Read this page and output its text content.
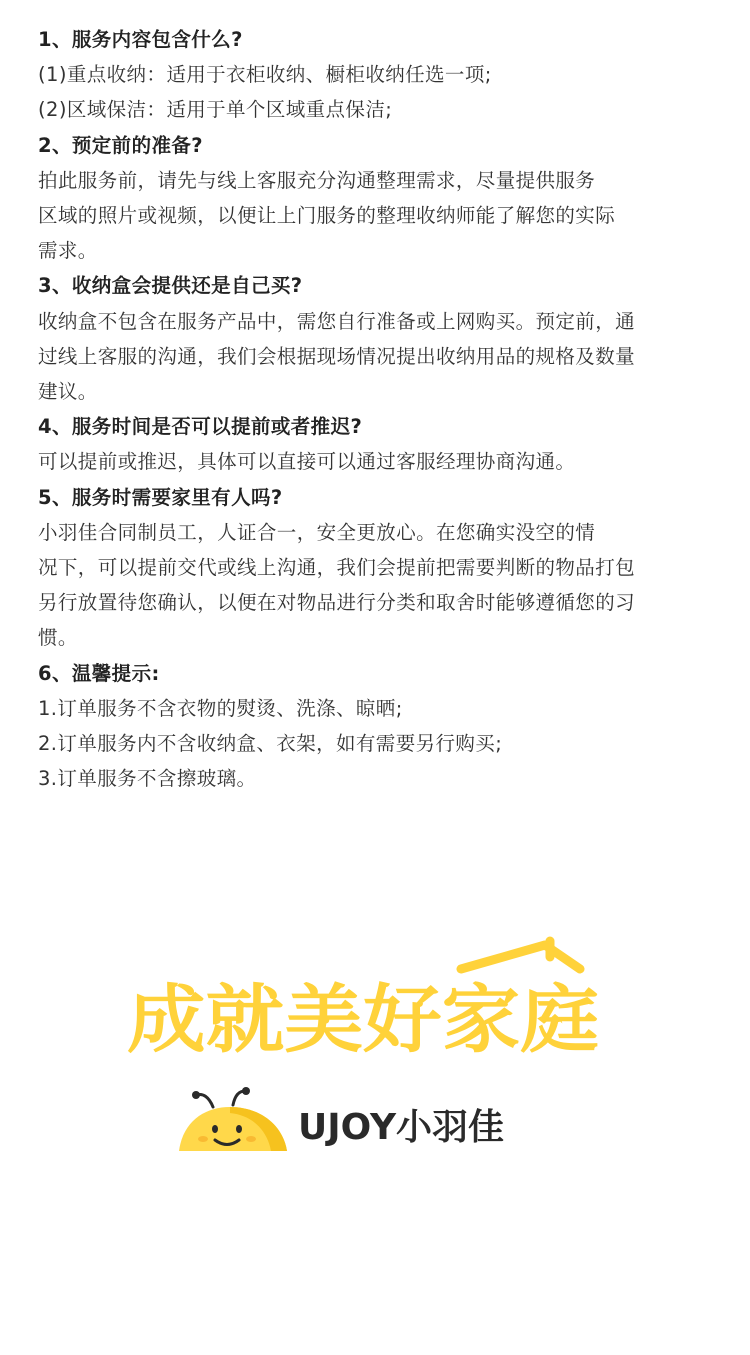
1、服务内容包含什么?
(1)重点收纳：适用于衣柜收纳、橱柜收纳任选一项;
(2)区域保洁：适用于单个区域重点保洁;
2、预定前的准备?
拍此服务前，请先与线上客服充分沟通整理需求，尽量提供服务
区域的照片或视频，以便让上门服务的整理收纳师能了解您的实际
需求。
3、收纳盒会提供还是自己买?
收纳盒不包含在服务产品中，需您自行准备或上网购买。预定前，通
过线上客服的沟通，我们会根据现场情况提出收纳用品的规格及数量
建议。
4、服务时间是否可以提前或者推迟?
可以提前或推迟，具体可以直接可以通过客服经理协商沟通。
5、服务时需要家里有人吗?
小羽佳合同制员工，人证合一，安全更放心。在您确实没空的情
况下，可以提前交代或线上沟通，我们会提前把需要判断的物品打包
另行放置待您确认，以便在对物品进行分类和取舍时能够遵循您的习
惯。
6、温馨提示:
1.订单服务不含衣物的熨烫、洗涤、晾晒;
2.订单服务内不含收纳盒、衣架，如有需要另行购买;
3.订单服务不含擦玻璃。
成就美好家庭
UJOY小羽佳
